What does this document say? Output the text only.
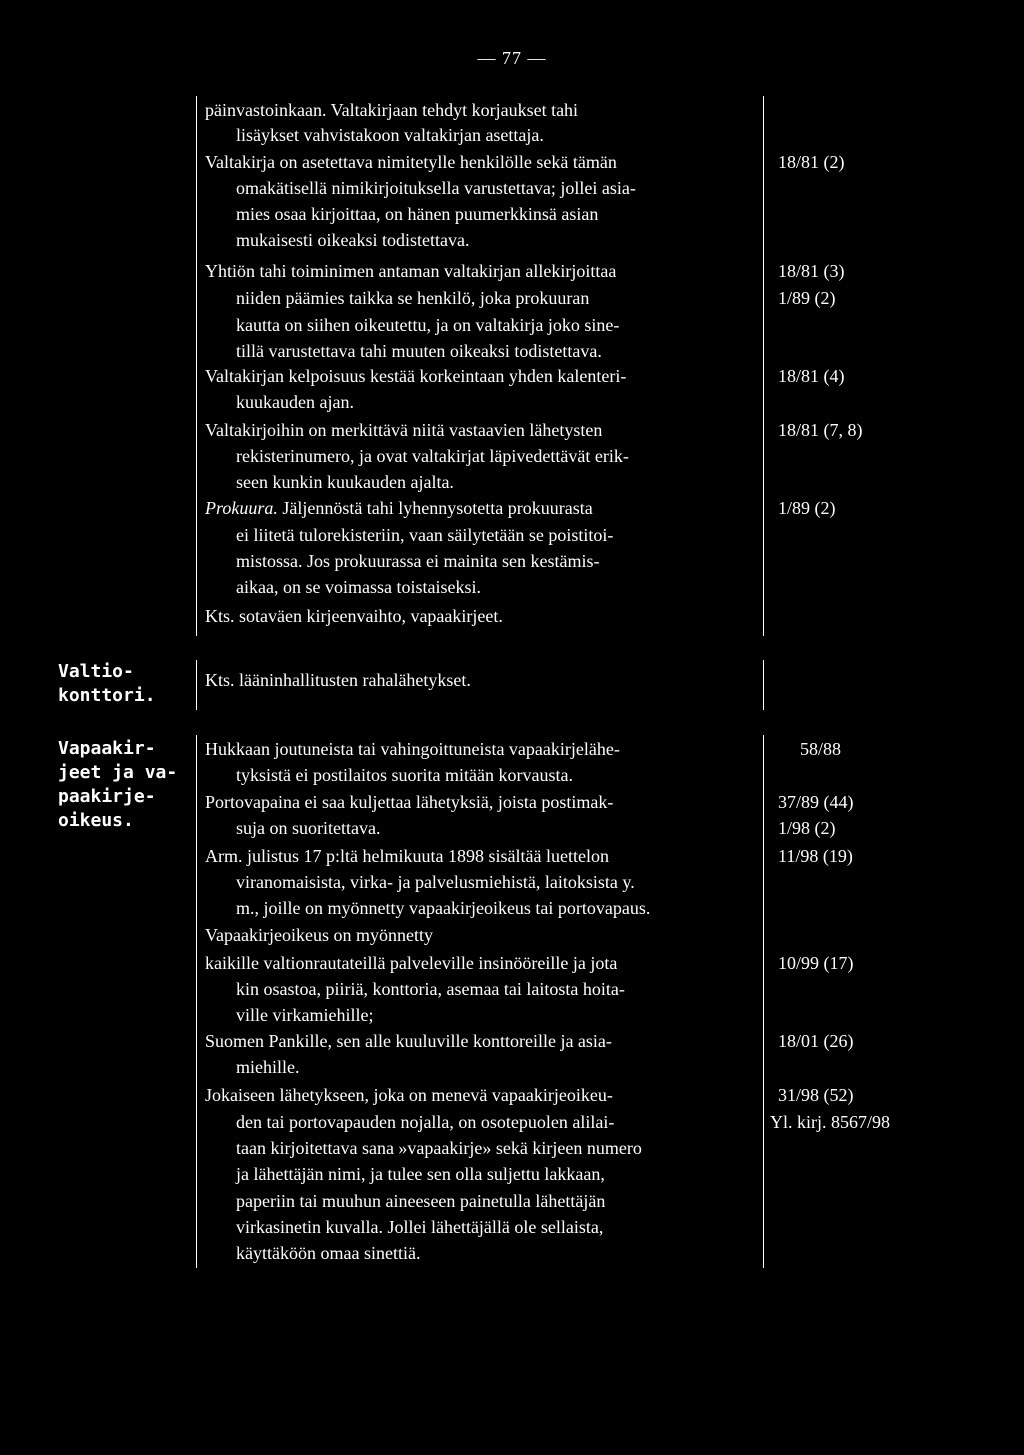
— 77 —
päinvastoinkaan. Valtakirjaan tehdyt korjaukset tahi
lisäykset vahvistakoon valtakirjan asettaja.
Valtakirja on asetettava nimitetylle henkilölle sekä tämän
omakätisellä nimikirjoituksella varustettava; jollei asia-
mies osaa kirjoittaa, on hänen puumerkkinsä asian
mukaisesti oikeaksi todistettava.
Yhtiön tahi toiminimen antaman valtakirjan allekirjoittaa
niiden päämies taikka se henkilö, joka prokuuran
kautta on siihen oikeutettu, ja on valtakirja joko sine-
tillä varustettava tahi muuten oikeaksi todistettava.
Valtakirjan kelpoisuus kestää korkeintaan yhden kalenteri-
kuukauden ajan.
Valtakirjoihin on merkittävä niitä vastaavien lähetysten
rekisterinumero, ja ovat valtakirjat läpivedettävät erik-
seen kunkin kuukauden ajalta.
Prokuura. Jäljennöstä tahi lyhennysotetta prokuurasta
ei liitetä tulorekisteriin, vaan säilytetään se poistitoi-
mistossa. Jos prokuurassa ei mainita sen kestämis-
aikaa, on se voimassa toistaiseksi.
Kts. sotaväen kirjeenvaihto, vapaakirjeet.
18/81 (2)
18/81 (3)
1/89 (2)
18/81 (4)
18/81 (7, 8)
1/89 (2)
Valtio-
konttori.
Kts. lääninhallitusten rahalähetykset.
Vapaakir-
jeet ja va-
paakirje-
oikeus.
Hukkaan joutuneista tai vahingoittuneista vapaakirjelähe-
tyksistä ei postilaitos suorita mitään korvausta.
Portovapaina ei saa kuljettaa lähetyksiä, joista postimak-
suja on suoritettava.
Arm. julistus 17 p:ltä helmikuuta 1898 sisältää luettelon
viranomaisista, virka- ja palvelusmiehistä, laitoksista y.
m., joille on myönnetty vapaakirjeoikeus tai portovapaus.
Vapaakirjeoikeus on myönnetty
kaikille valtionrautateillä palveleville insinööreille ja jota
kin osastoa, piiriä, konttoria, asemaa tai laitosta hoita-
ville virkamiehille;
Suomen Pankille, sen alle kuuluville konttoreille ja asia-
miehille.
Jokaiseen lähetykseen, joka on menevä vapaakirjeoikeu-
den tai portovapauden nojalla, on osotepuolen alilai-
taan kirjoitettava sana »vapaakirje» sekä kirjeen numero
ja lähettäjän nimi, ja tulee sen olla suljettu lakkaan,
paperiin tai muuhun aineeseen painetulla lähettäjän
virkasinetin kuvalla. Jollei lähettäjällä ole sellaista,
käyttäköön omaa sinettiä.
58/88
37/89 (44)
1/98 (2)
11/98 (19)
10/99 (17)
18/01 (26)
31/98 (52)
Yl. kirj. 8567/98
